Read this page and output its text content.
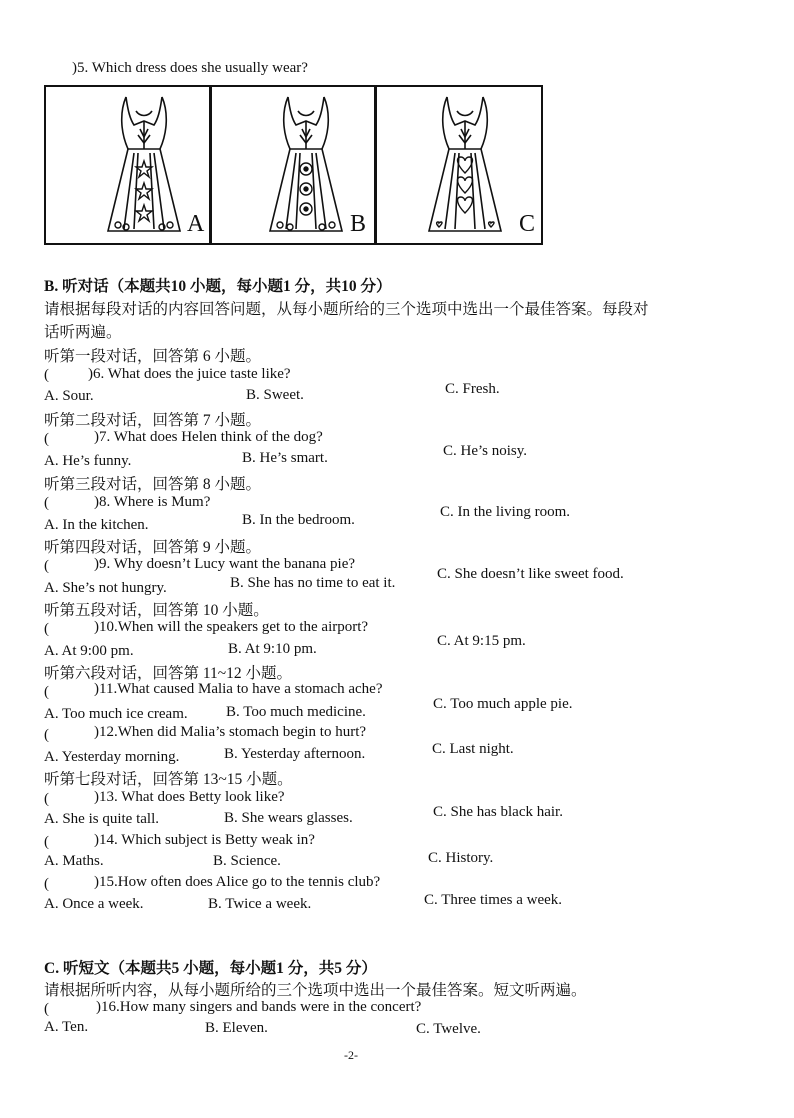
)5. Which dress does she usually wear?
A	B	C
B. 听对话（本题共10 小题，每小题1 分，共10 分）
请根据每段对话的内容回答问题，从每小题所给的三个选项中选出一个最佳答案。每段对
话听两遍。
听第一段对话，回答第 6 小题。
(	)6. What does the juice taste like?
A. Sour.	B. Sweet.	C. Fresh.
听第二段对话，回答第 7 小题。
(	)7. What does Helen think of the dog?
A. He’s funny.	B. He’s smart.	C. He’s noisy.
听第三段对话，回答第 8 小题。
(	)8. Where is Mum?
A. In the kitchen.	B. In the bedroom.	C. In the living room.
听第四段对话，回答第 9 小题。
(	)9. Why doesn’t Lucy want the banana pie?
A. She’s not hungry.	B. She has no time to eat it.
C. She doesn’t like sweet food.
听第五段对话，回答第 10 小题。
(	)10.When will the speakers get to the airport?
A. At 9:00 pm.	B. At 9:10 pm.	C. At 9:15 pm.
听第六段对话，回答第 11~12 小题。
(	)11.What caused Malia to have a stomach ache?
A. Too much ice cream.	B. Too much medicine.	C. Too much apple pie.
(	)12.When did Malia’s stomach begin to hurt?
A. Yesterday morning.	B. Yesterday afternoon.	C. Last night.
听第七段对话，回答第 13~15 小题。
(	)13. What does Betty look like?
A. She is quite tall.	B. She wears glasses.	C. She has black hair.
(	)14. Which subject is Betty weak in?
A. Maths.	B. Science.	C. History.
(	)15.How often does Alice go to the tennis club?
A. Once a week.	B. Twice a week.	C. Three times a week.
C. 听短文（本题共5 小题，每小题1 分，共5 分）
请根据所听内容，从每小题所给的三个选项中选出一个最佳答案。短文听两遍。
(	)16.How many singers and bands were in the concert?
A. Ten.	B. Eleven.	C. Twelve.
-2-
